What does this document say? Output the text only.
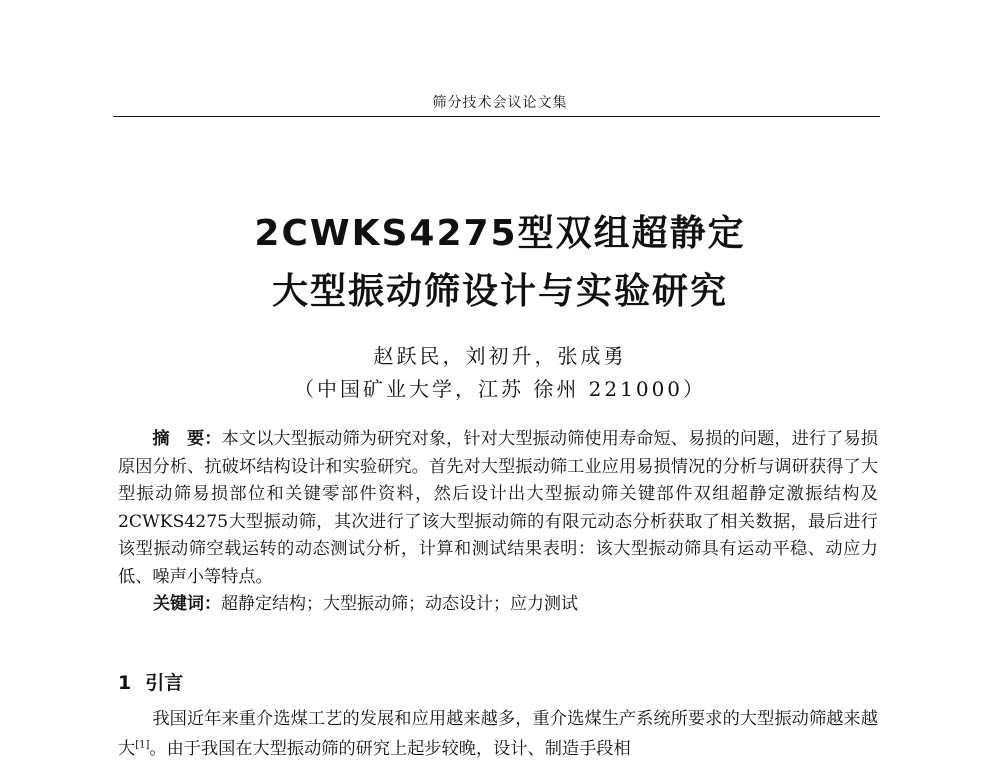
筛分技术会议论文集
2CWKS4275型双组超静定
大型振动筛设计与实验研究
赵跃民，刘初升，张成勇
（中国矿业大学，江苏 徐州 221000）

摘　要：本文以大型振动筛为研究对象，针对大型振动筛使用寿命短、易损的问题，进行了易损原因分析、抗破坏结构设计和实验研究。首先对大型振动筛工业应用易损情况的分析与调研获得了大型振动筛易损部位和关键零部件资料，然后设计出大型振动筛关键部件双组超静定激振结构及2CWKS4275大型振动筛，其次进行了该大型振动筛的有限元动态分析获取了相关数据，最后进行该型振动筛空载运转的动态测试分析，计算和测试结果表明：该大型振动筛具有运动平稳、动应力低、噪声小等特点。

关键词：超静定结构；大型振动筛；动态设计；应力测试

1 引言

我国近年来重介选煤工艺的发展和应用越来越多，重介选煤生产系统所要求的大型振动筛越来越大[1]。由于我国在大型振动筛的研究上起步较晚，设计、制造手段相
